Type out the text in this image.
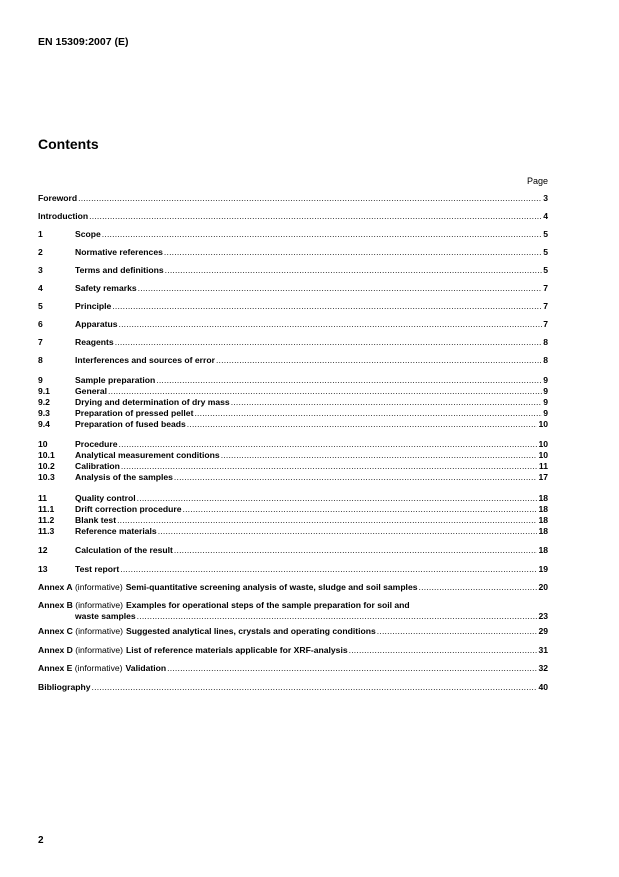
EN 15309:2007 (E)
Contents
Page
Foreword .....	3
Introduction .....	4
1	Scope .....	5
2	Normative references .....	5
3	Terms and definitions .....	5
4	Safety remarks .....	7
5	Principle .....	7
6	Apparatus .....	7
7	Reagents .....	8
8	Interferences and sources of error .....	8
9	Sample preparation .....	9
9.1	General .....	9
9.2	Drying and determination of dry mass .....	9
9.3	Preparation of pressed pellet .....	9
9.4	Preparation of fused beads .....	10
10	Procedure .....	10
10.1	Analytical measurement conditions .....	10
10.2	Calibration .....	11
10.3	Analysis of the samples .....	17
11	Quality control .....	18
11.1	Drift correction procedure .....	18
11.2	Blank test .....	18
11.3	Reference materials .....	18
12	Calculation of the result .....	18
13	Test report .....	19
Annex A (informative) Semi-quantitative screening analysis of waste, sludge and soil samples .....	20
Annex B (informative) Examples for operational steps of the sample preparation for soil and
waste samples .....	23
Annex C (informative) Suggested analytical lines, crystals and operating conditions .....	29
Annex D (informative) List of reference materials applicable for XRF-analysis .....	31
Annex E (informative) Validation .....	32
Bibliography .....	40
2
